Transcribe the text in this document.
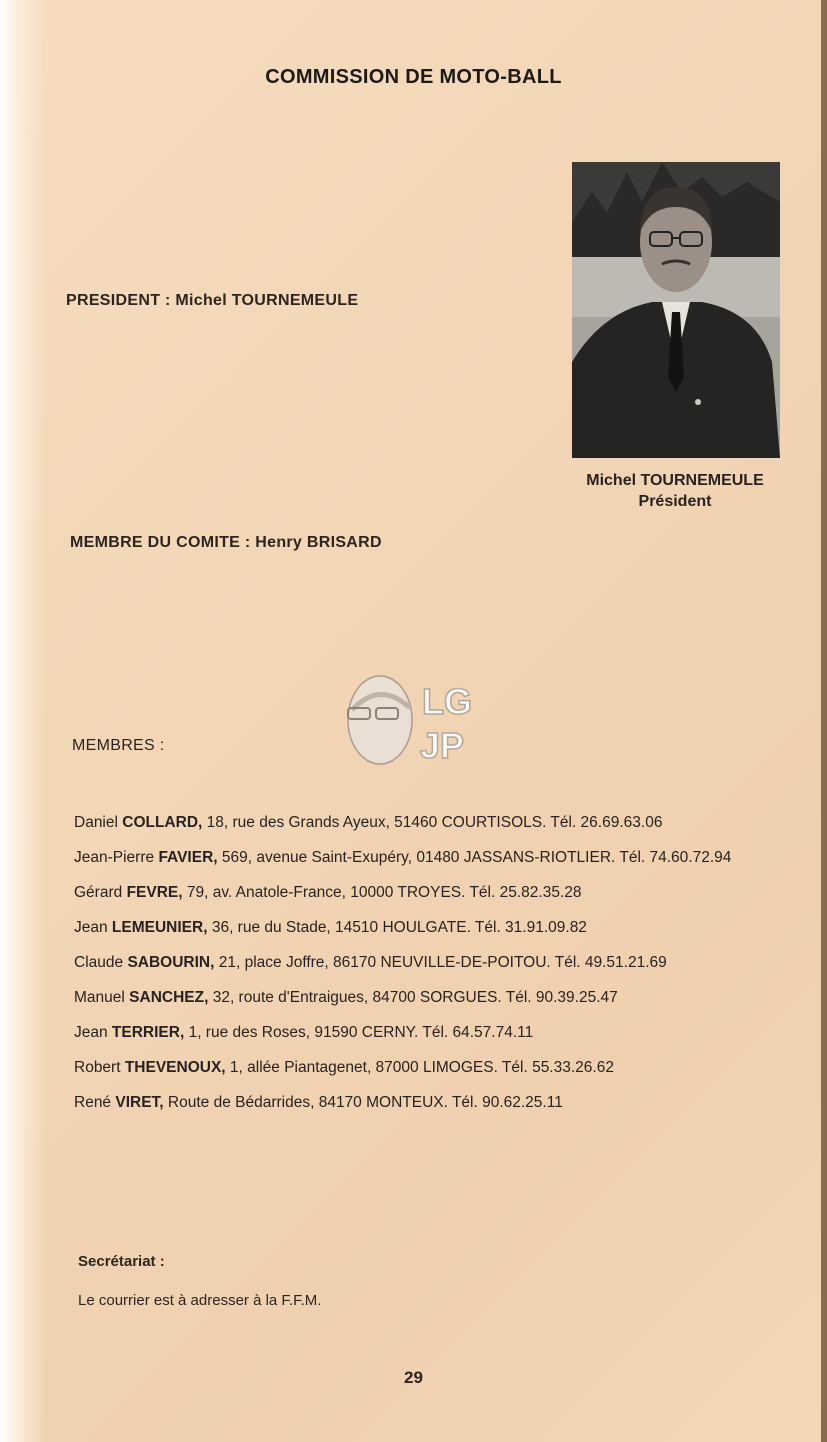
COMMISSION DE MOTO-BALL
PRESIDENT : Michel TOURNEMEULE
Michel TOURNEMEULE
Président
MEMBRE DU COMITE : Henry BRISARD
LG
JP
MEMBRES :
Daniel COLLARD, 18, rue des Grands Ayeux, 51460 COURTISOLS. Tél. 26.69.63.06
Jean-Pierre FAVIER, 569, avenue Saint-Exupéry, 01480 JASSANS-RIOTLIER. Tél. 74.60.72.94
Gérard FEVRE, 79, av. Anatole-France, 10000 TROYES. Tél. 25.82.35.28
Jean LEMEUNIER, 36, rue du Stade, 14510 HOULGATE. Tél. 31.91.09.82
Claude SABOURIN, 21, place Joffre, 86170 NEUVILLE-DE-POITOU. Tél. 49.51.21.69
Manuel SANCHEZ, 32, route d'Entraigues, 84700 SORGUES. Tél. 90.39.25.47
Jean TERRIER, 1, rue des Roses, 91590 CERNY. Tél. 64.57.74.11
Robert THEVENOUX, 1, allée Piantagenet, 87000 LIMOGES. Tél. 55.33.26.62
René VIRET, Route de Bédarrides, 84170 MONTEUX. Tél. 90.62.25.11
Secrétariat :
Le courrier est à adresser à la F.F.M.
29
